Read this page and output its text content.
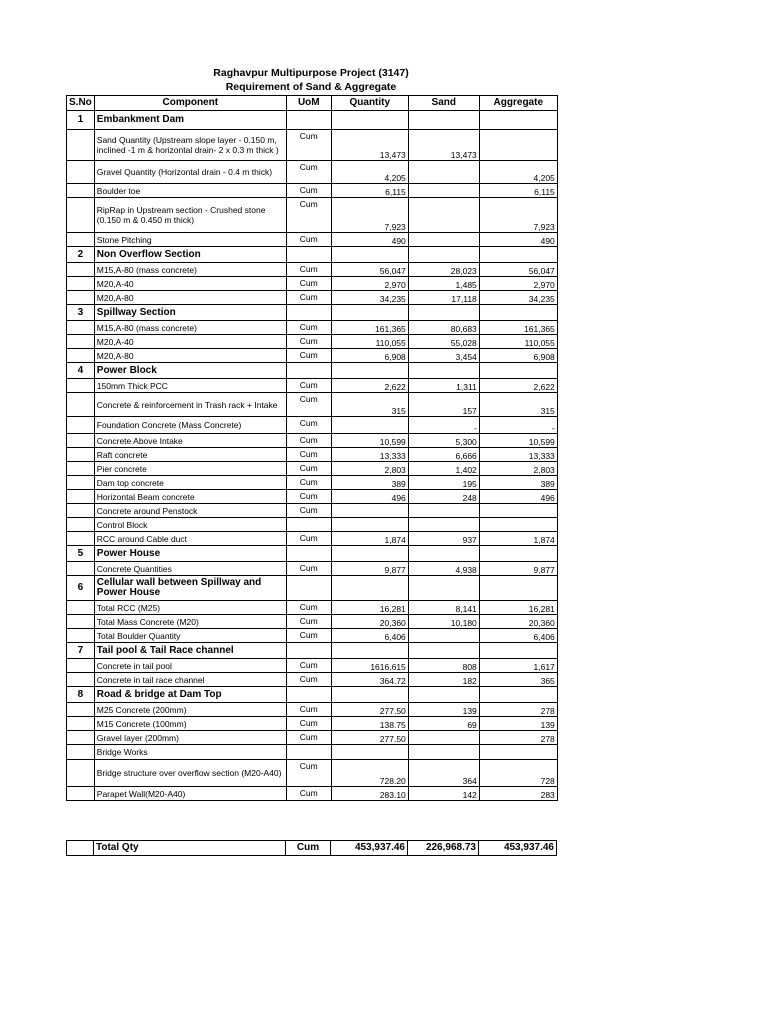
Raghavpur Multipurpose Project (3147)
Requirement of Sand & Aggregate
S.No	Component	UoM	Quantity	Sand	Aggregate
1	Embankment Dam				
	Sand Quantity (Upstream slope layer - 0.150 m, inclined -1 m & horizontal drain- 2 x 0.3 m thick )	Cum	13,473	13,473	
	Gravel Quantity (Horizontal drain - 0.4 m thick)	Cum	4,205		4,205
	Boulder toe	Cum	6,115		6,115
	RipRap in Upstream section - Crushed stone (0.150 m & 0.450 m thick)	Cum	7,923		7,923
	Stone Pitching	Cum	490		490
2	Non Overflow Section				
	M15,A-80 (mass concrete)	Cum	56,047	28,023	56,047
	M20,A-40	Cum	2,970	1,485	2,970
	M20,A-80	Cum	34,235	17,118	34,235
3	Spillway Section				
	M15,A-80 (mass concrete)	Cum	161,365	80,683	161,365
	M20,A-40	Cum	110,055	55,028	110,055
	M20,A-80	Cum	6,908	3,454	6,908
4	Power Block				
	150mm Thick PCC	Cum	2,622	1,311	2,622
	Concrete & reinforcement in Trash rack + Intake	Cum	315	157	315
	Foundation Concrete (Mass Concrete)	Cum		-	-
	Concrete Above Intake	Cum	10,599	5,300	10,599
	Raft concrete	Cum	13,333	6,666	13,333
	Pier concrete	Cum	2,803	1,402	2,803
	Dam top concrete	Cum	389	195	389
	Horizontal Beam concrete	Cum	496	248	496
	Concrete around Penstock	Cum			
	Control Block				
	RCC around Cable duct	Cum	1,874	937	1,874
5	Power House				
	Concrete Quantities	Cum	9,877	4,938	9,877
6	Cellular wall between Spillway and Power House				
	Total RCC (M25)	Cum	16,281	8,141	16,281
	Total Mass Concrete (M20)	Cum	20,360	10,180	20,360
	Total Boulder Quantity	Cum	6,406		6,406
7	Tail pool & Tail Race channel				
	Concrete in tail pool	Cum	1616.615	808	1,617
	Concrete in tail race channel	Cum	364.72	182	365
8	Road & bridge at Dam Top				
	M25 Concrete (200mm)	Cum	277.50	139	278
	M15 Concrete (100mm)	Cum	138.75	69	139
	Gravel layer (200mm)	Cum	277.50		278
	Bridge Works				
	Bridge structure over overflow section (M20-A40)	Cum	728.20	364	728
	Parapet Wall(M20-A40)	Cum	283.10	142	283
	Total Qty	Cum	453,937.46	226,968.73	453,937.46
